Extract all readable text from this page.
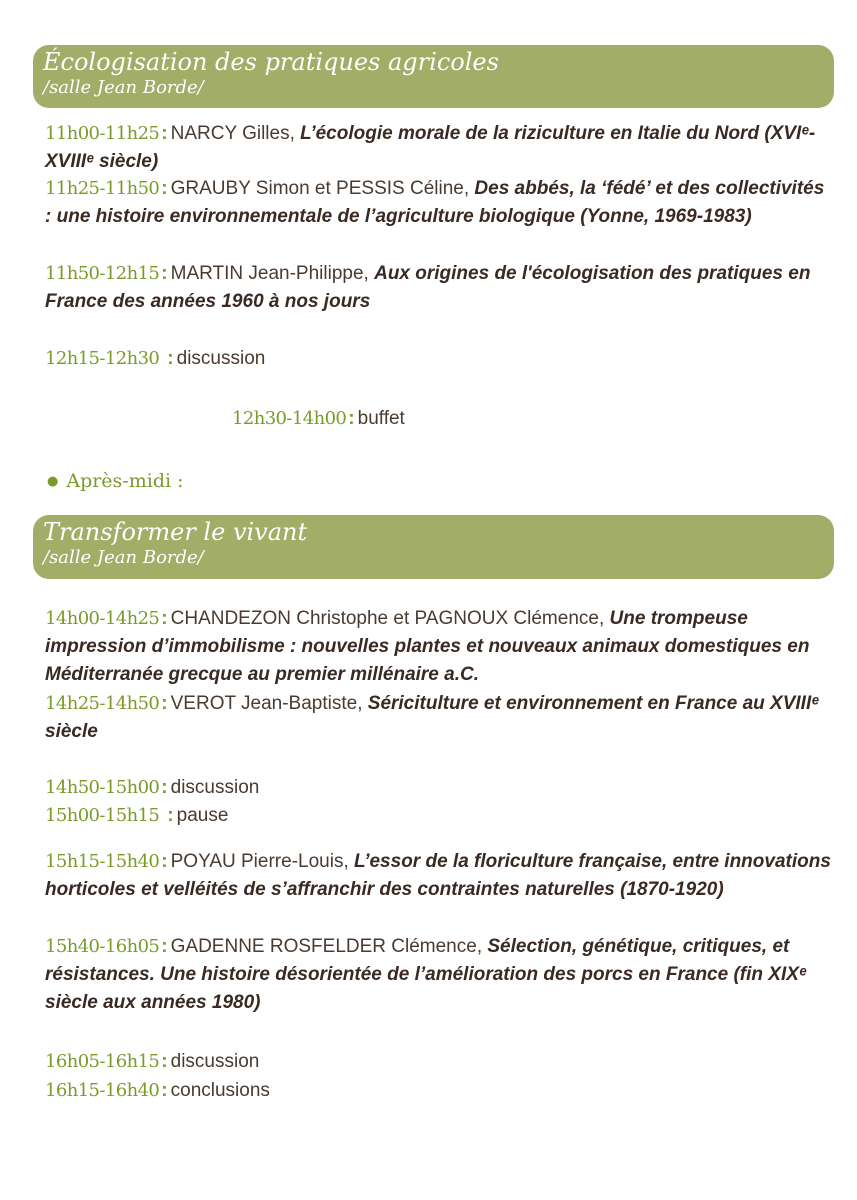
Écologisation des pratiques agricoles
/salle Jean Borde/
11h00-11h25 : NARCY Gilles, L’écologie morale de la riziculture en Italie du Nord (XVIᵉ-XVIIIᵉ siècle)
11h25-11h50 : GRAUBY Simon et PESSIS Céline, Des abbés, la ‘fédé’ et des collectivités : une histoire environnementale de l’agriculture biologique (Yonne, 1969-1983)
11h50-12h15 : MARTIN Jean-Philippe, Aux origines de l'écologisation des pratiques en France des années 1960 à nos jours
12h15-12h30 : discussion
12h30-14h00 : buffet
● Après-midi :
Transformer le vivant
/salle Jean Borde/
14h00-14h25 : CHANDEZON Christophe et PAGNOUX Clémence, Une trompeuse impression d’immobilisme : nouvelles plantes et nouveaux animaux domestiques en Méditerranée grecque au premier millénaire a.C.
14h25-14h50 : VEROT Jean-Baptiste, Séricitulture et environnement en France au XVIIIᵉ siècle
14h50-15h00 : discussion
15h00-15h15 : pause
15h15-15h40 : POYAU Pierre-Louis, L’essor de la floriculture française, entre innovations horticoles et velléités de s’affranchir des contraintes naturelles (1870-1920)
15h40-16h05 : GADENNE ROSFELDER Clémence, Sélection, génétique, critiques, et résistances. Une histoire désorientée de l’amélioration des porcs en France (fin XIXᵉ siècle aux années 1980)
16h05-16h15 : discussion
16h15-16h40 : conclusions
